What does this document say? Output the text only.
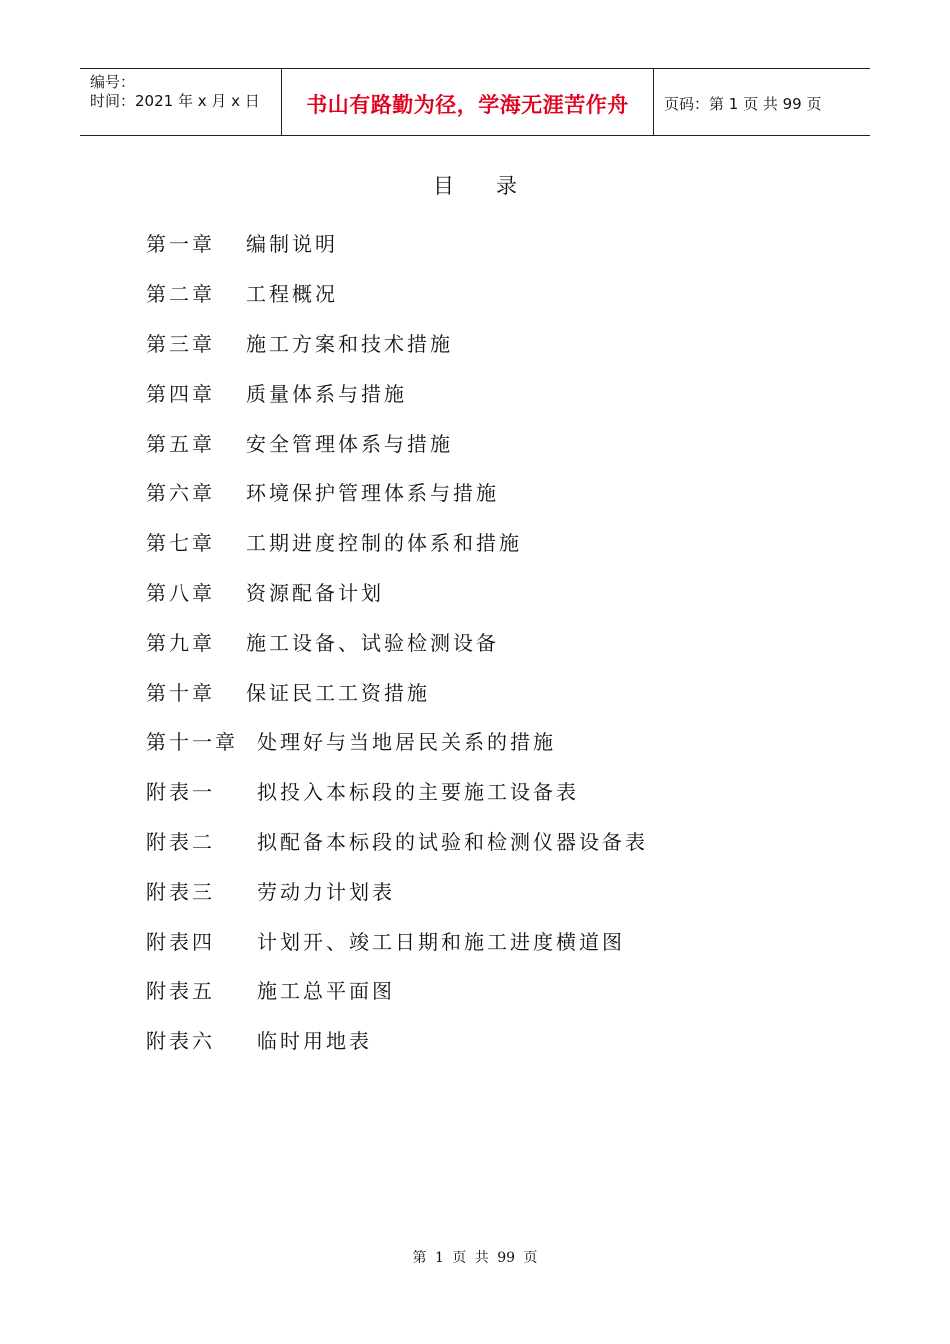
编号：
时间：2021 年 x 月 x 日	书山有路勤为径，学海无涯苦作舟	页码：第 1 页 共 99 页
目录
第一章	编制说明
第二章	工程概况
第三章	施工方案和技术措施
第四章	质量体系与措施
第五章	安全管理体系与措施
第六章	环境保护管理体系与措施
第七章	工期进度控制的体系和措施
第八章	资源配备计划
第九章	施工设备、试验检测设备
第十章	保证民工工资措施
第十一章 处理好与当地居民关系的措施
附表一	拟投入本标段的主要施工设备表
附表二	拟配备本标段的试验和检测仪器设备表
附表三	劳动力计划表
附表四	计划开、竣工日期和施工进度横道图
附表五	施工总平面图
附表六	临时用地表
第 1 页 共 99 页
